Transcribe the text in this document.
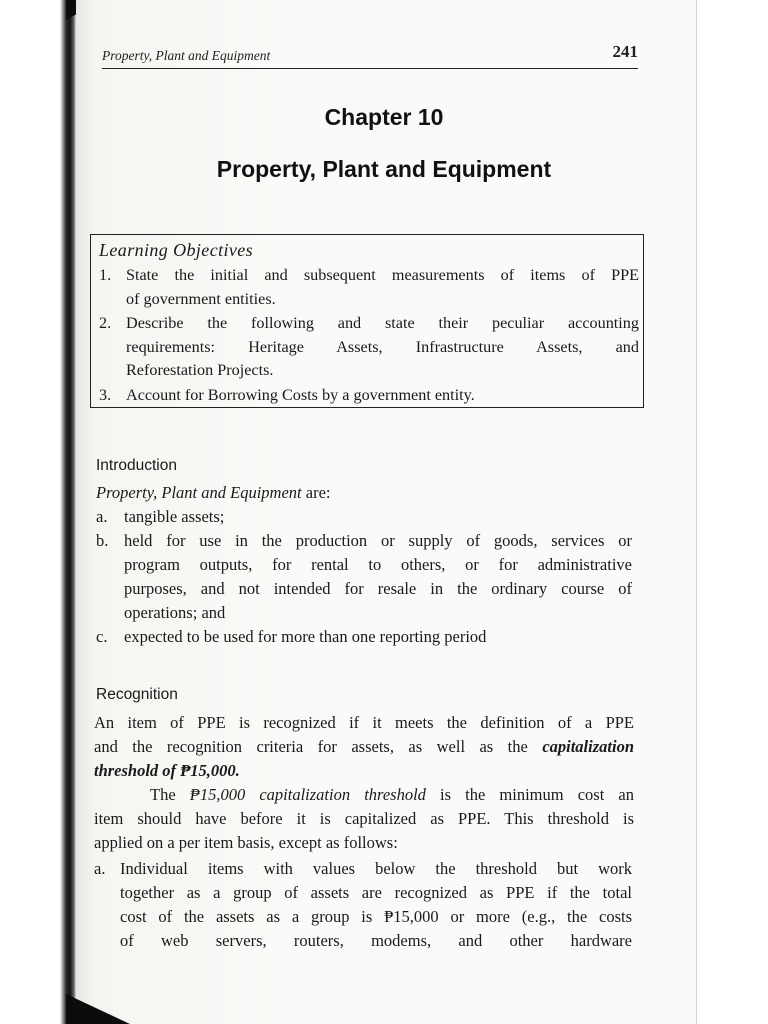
Property, Plant and Equipment	241
Chapter 10
Property, Plant and Equipment
Learning Objectives
1. State the initial and subsequent measurements of items of PPE
of government entities.
2. Describe the following and state their peculiar accounting
requirements: Heritage Assets, Infrastructure Assets, and
Reforestation Projects.
3. Account for Borrowing Costs by a government entity.
Introduction
Property, Plant and Equipment are:
a. tangible assets;
b. held for use in the production or supply of goods, services or
program outputs, for rental to others, or for administrative
purposes, and not intended for resale in the ordinary course of
operations; and
c. expected to be used for more than one reporting period
Recognition
An item of PPE is recognized if it meets the definition of a PPE
and the recognition criteria for assets, as well as the capitalization
threshold of ₱15,000.
The ₱15,000 capitalization threshold is the minimum cost an
item should have before it is capitalized as PPE. This threshold is
applied on a per item basis, except as follows:
a. Individual items with values below the threshold but work
together as a group of assets are recognized as PPE if the total
cost of the assets as a group is ₱15,000 or more (e.g., the costs
of web servers, routers, modems, and other hardware
